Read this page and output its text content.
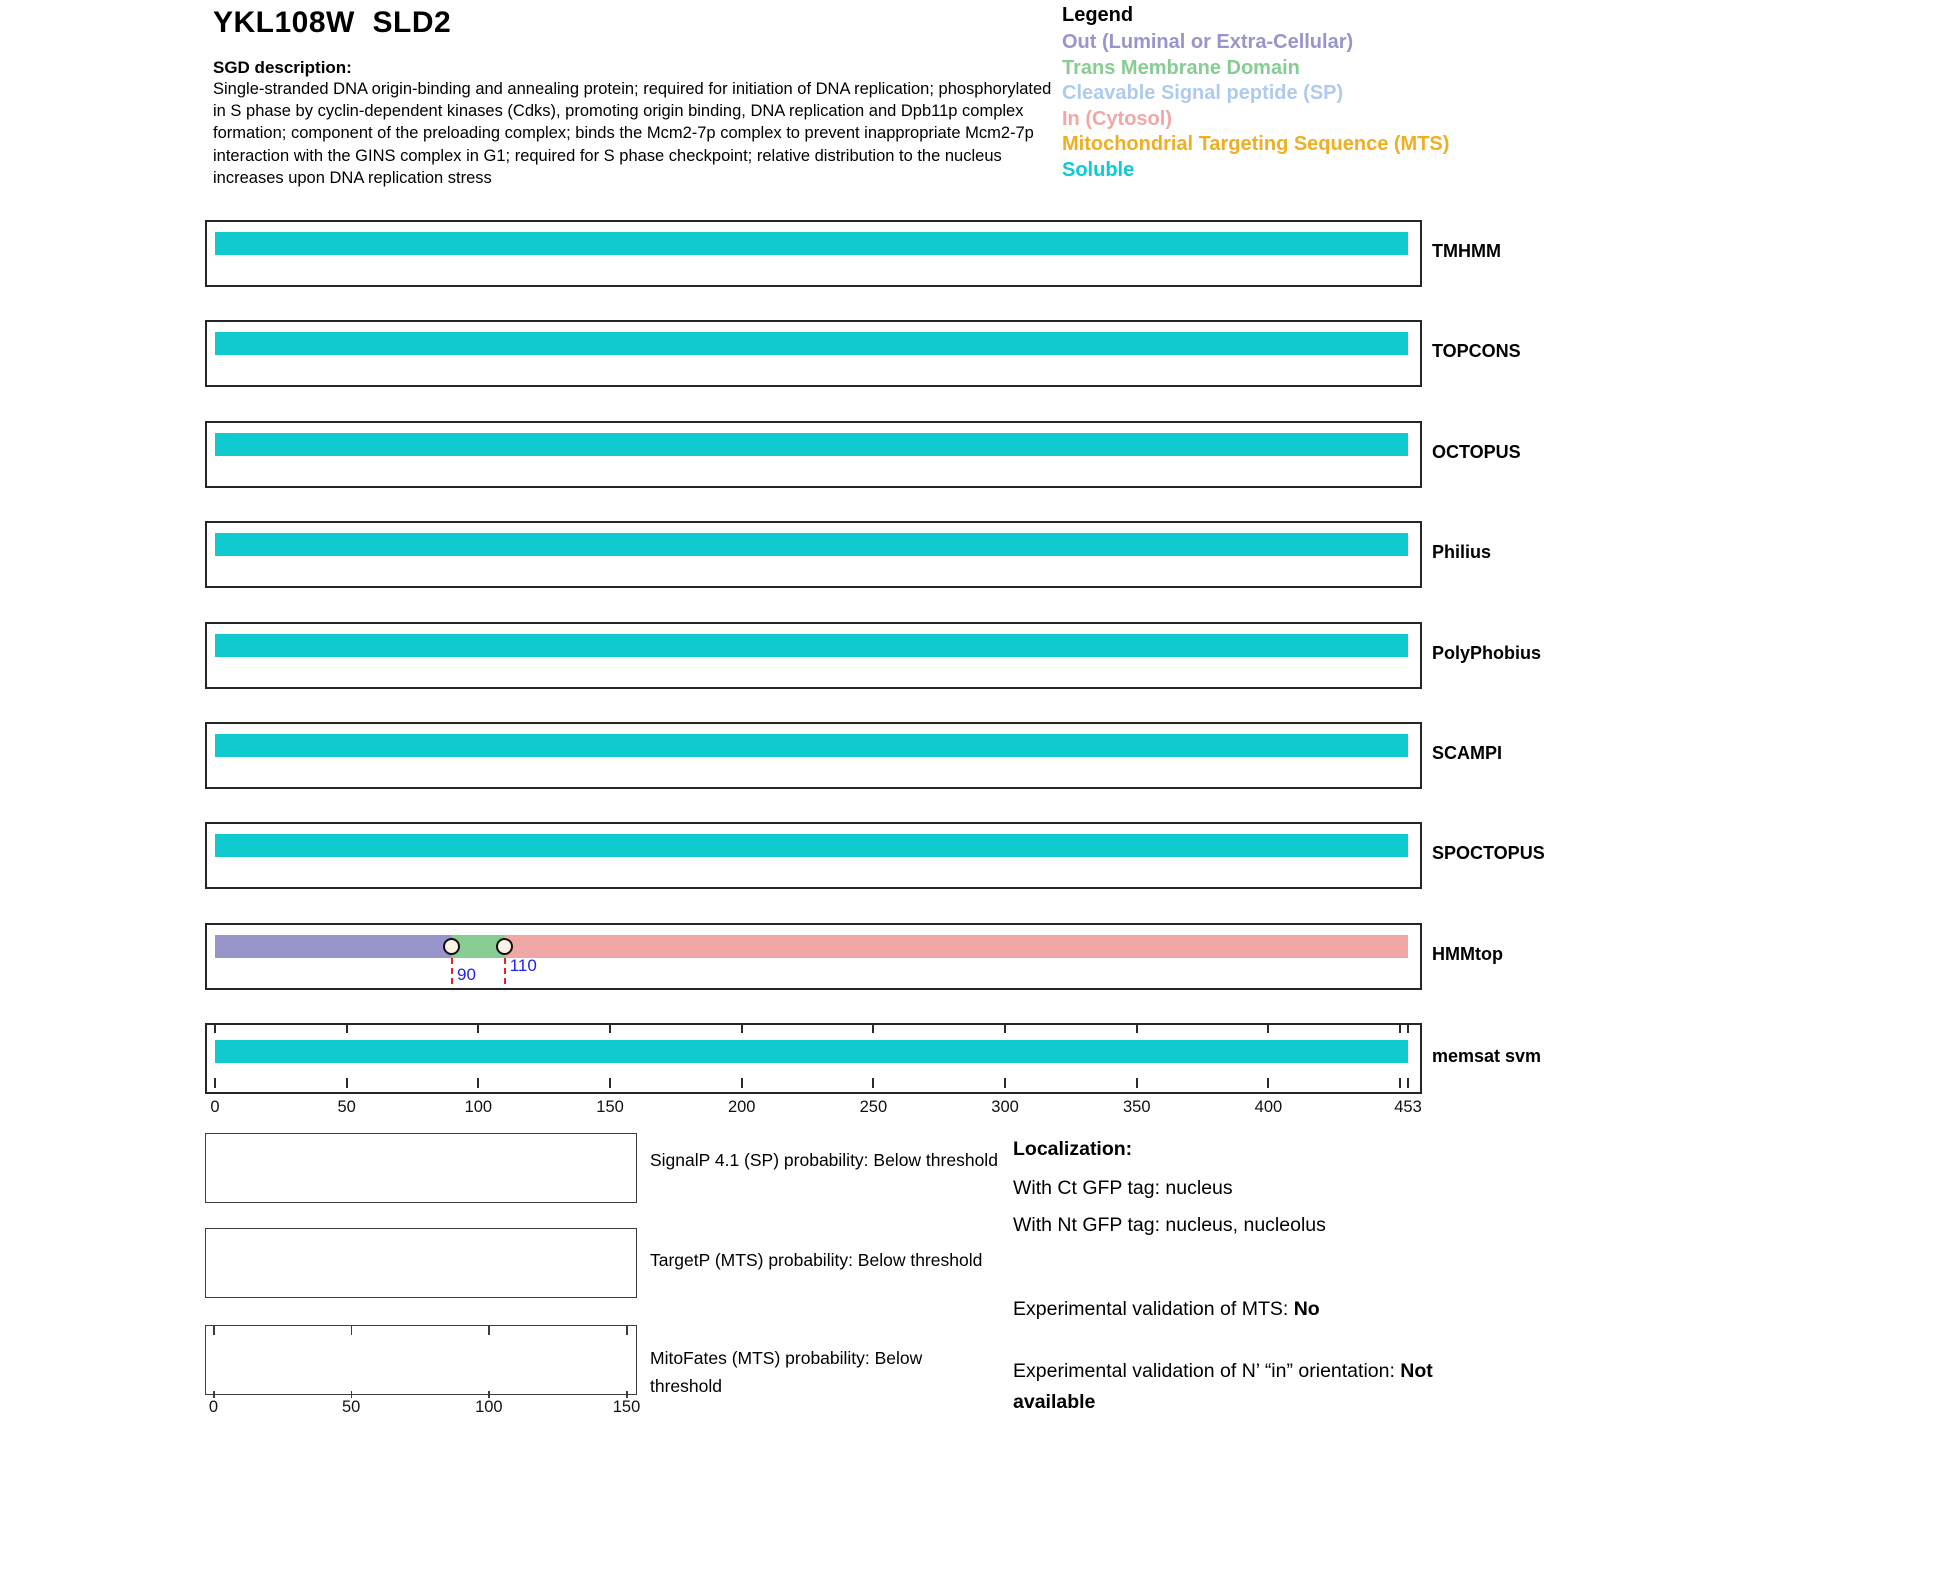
YKL108W  SLD2
SGD description:
Single-stranded DNA origin-binding and annealing protein; required for initiation of DNA replication; phosphorylated in S phase by cyclin-dependent kinases (Cdks), promoting origin binding, DNA replication and Dpb11p complex formation; component of the preloading complex; binds the Mcm2-7p complex to prevent inappropriate Mcm2-7p interaction with the GINS complex in G1; required for S phase checkpoint; relative distribution to the nucleus increases upon DNA replication stress
Legend
Out (Luminal or Extra-Cellular)
Trans Membrane Domain
Cleavable Signal peptide (SP)
In (Cytosol)
Mitochondrial Targeting Sequence (MTS)
Soluble
SignalP 4.1 (SP) probability: Below threshold
TargetP (MTS) probability: Below threshold
MitoFates (MTS) probability: Below threshold
Localization:
With Ct GFP tag: nucleus
With Nt GFP tag: nucleus, nucleolus
Experimental validation of MTS: No
Experimental validation of N’ “in” orientation: Not available
TMHMM
TOPCONS
OCTOPUS
Philius
PolyPhobius
SCAMPI
SPOCTOPUS
90 110
HMMtop
memsat svm
0	50	100	150	200	250	300	350	400	453
0	50	100	150
